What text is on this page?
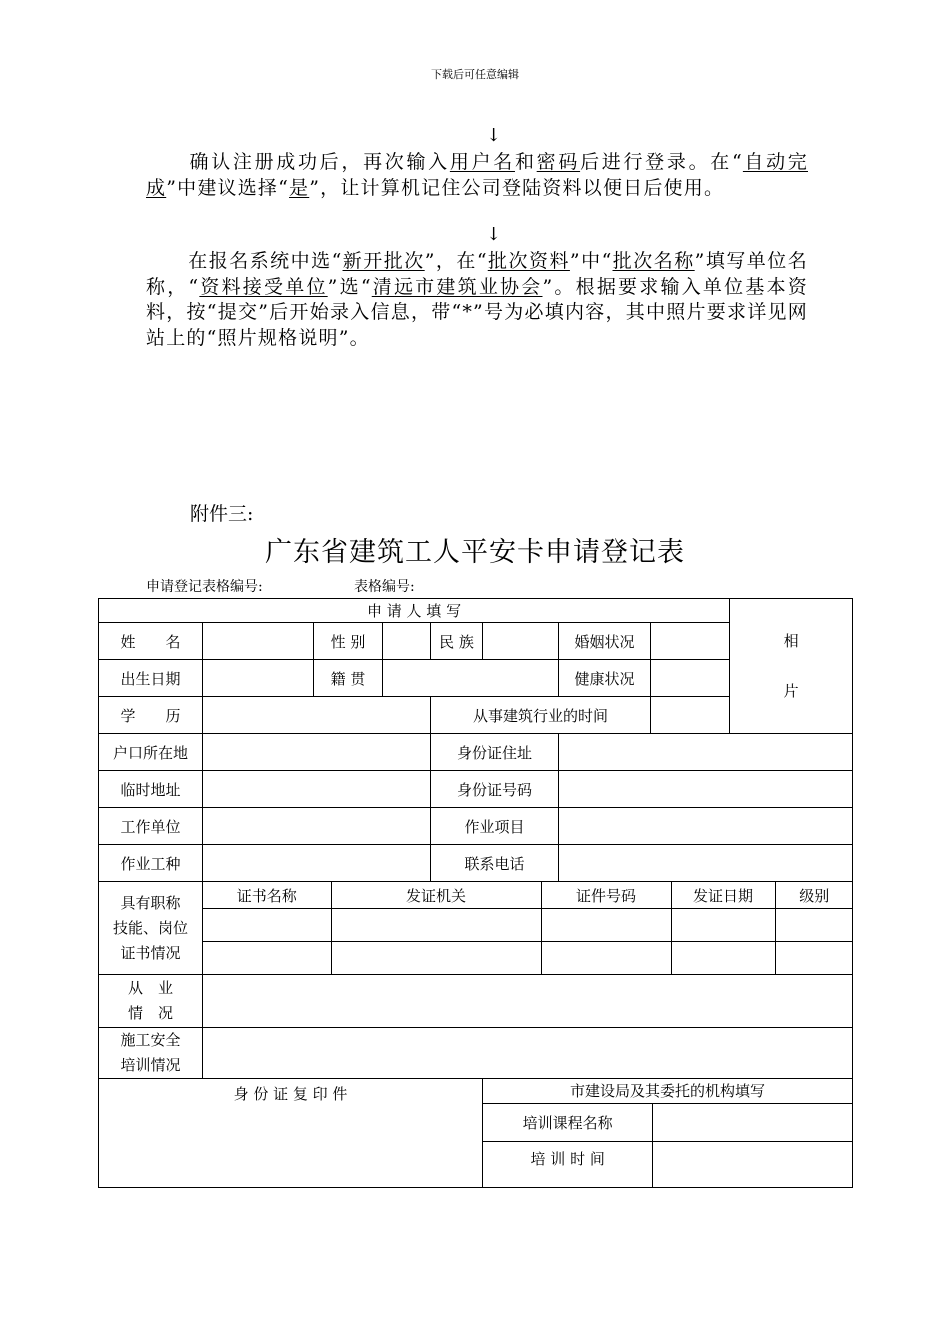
下载后可任意编辑
↓
确认注册成功后，再次输入用户名和密码后进行登录。在“自动完成”中建议选择“是”，让计算机记住公司登陆资料以便日后使用。
↓
在报名系统中选“新开批次”，在“批次资料”中“批次名称”填写单位名称，“资料接受单位”选“清远市建筑业协会”。根据要求输入单位基本资料，按“提交”后开始录入信息，带“*”号为必填内容，其中照片要求详见网站上的“照片规格说明”。
附件三:
广东省建筑工人平安卡申请登记表
申请登记表格编号:	表格编号:
申 请 人 填 写	
相
片

姓　　名		性 别		民 族		婚姻状况	
出生日期		籍 贯		健康状况	
学　　历		从事建筑行业的时间	
户口所在地		身份证住址	
临时地址		身份证号码	
工作单位		作业项目	
作业工种		联系电话	

具有职称
技能、岗位
证书情况

证书名称	发证机关	证件号码	发证日期	级别

从　业
情　况

施工安全
培训情况

身 份 证 复 印 件		市建设局及其委托的机构填写
培训课程名称	
培 训 时 间	
